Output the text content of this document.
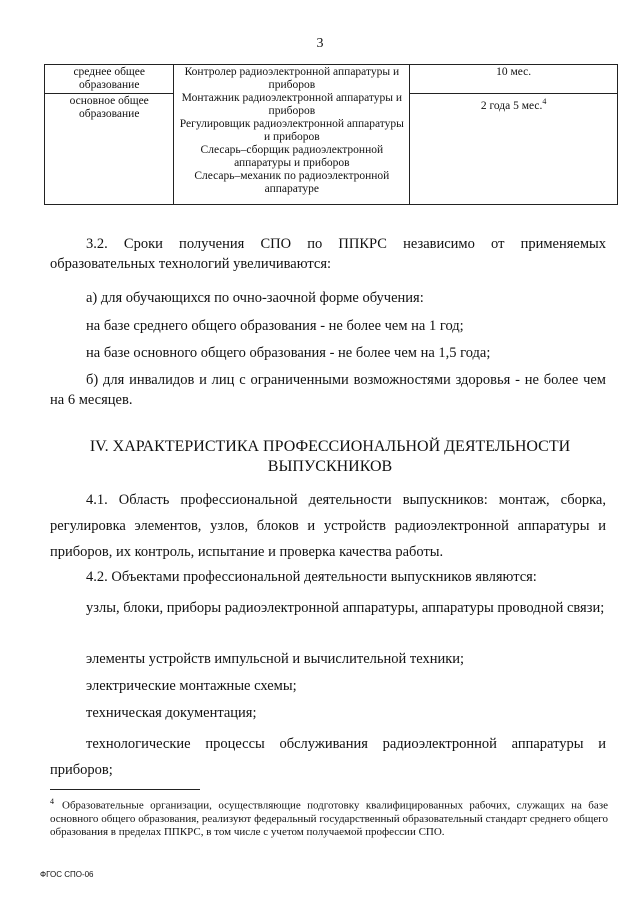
3
среднее общее образование	Контролер радиоэлектронной аппаратуры и приборов
Монтажник радиоэлектронной аппаратуры и приборов
Регулировщик радиоэлектронной аппаратуры и приборов
Слесарь–сборщик радиоэлектронной аппаратуры и приборов
Слесарь–механик по радиоэлектронной аппаратуре	10 мес.
основное общее образование		2 года 5 мес.$^4$

3.2. Сроки получения СПО по ППКРС независимо от применяемых образовательных технологий увеличиваются:

а) для обучающихся по очно-заочной форме обучения:

на базе среднего общего образования - не более чем на 1 год;

на базе основного общего образования - не более чем на 1,5 года;

б) для инвалидов и лиц с ограниченными возможностями здоровья - не более чем на 6 месяцев.

IV. ХАРАКТЕРИСТИКА ПРОФЕССИОНАЛЬНОЙ ДЕЯТЕЛЬНОСТИ
ВЫПУСКНИКОВ

4.1. Область профессиональной деятельности выпускников: монтаж, сборка, регулировка элементов, узлов, блоков и устройств радиоэлектронной аппаратуры и приборов, их контроль, испытание и проверка качества работы.

4.2. Объектами профессиональной деятельности выпускников являются:

узлы, блоки, приборы радиоэлектронной аппаратуры, аппаратуры проводной связи;

элементы устройств импульсной и вычислительной техники;

электрические монтажные схемы;

техническая документация;

технологические процессы обслуживания радиоэлектронной аппаратуры и приборов;

$^4$ Образовательные организации, осуществляющие подготовку квалифицированных рабочих, служащих на базе основного общего образования, реализуют федеральный государственный образовательный стандарт среднего общего образования в пределах ППКРС, в том числе с учетом получаемой профессии СПО.
ФГОС СПО-06
